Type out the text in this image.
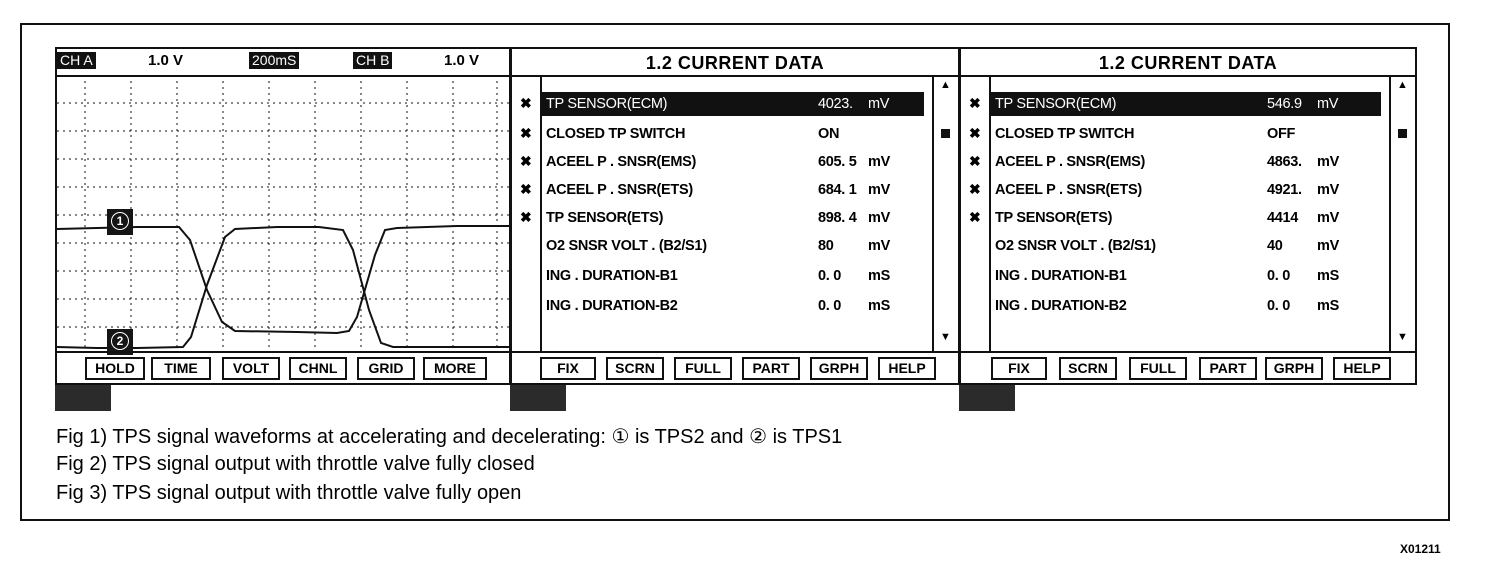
CH A	1.0 V	200mS	CH B	1.0 V
1
2
HOLD	TIME	VOLT	CHNL	GRID	MORE
1.2 CURRENT DATA
✖ TP SENSOR(ECM)	4023. mV
✖ CLOSED TP SWITCH	ON
✖ ACEEL P . SNSR(EMS)	605. 5 mV
✖ ACEEL P . SNSR(ETS)	684. 1 mV
✖ TP SENSOR(ETS)	898. 4 mV
O2 SNSR VOLT . (B2/S1)	80 mV
ING . DURATION-B1	0. 0 mS
ING . DURATION-B2	0. 0 mS
▲
▼
FIX	SCRN	FULL	PART	GRPH	HELP
1.2 CURRENT DATA
✖ TP SENSOR(ECM)	546.9 mV
✖ CLOSED TP SWITCH	OFF
✖ ACEEL P . SNSR(EMS)	4863. mV
✖ ACEEL P . SNSR(ETS)	4921. mV
✖ TP SENSOR(ETS)	4414 mV
O2 SNSR VOLT . (B2/S1)	40 mV
ING . DURATION-B1	0. 0 mS
ING . DURATION-B2	0. 0 mS
▲
▼
FIX	SCRN	FULL	PART	GRPH	HELP
Fig 1) TPS signal waveforms at accelerating and decelerating: ① is TPS2 and ② is TPS1
Fig 2) TPS signal output with throttle valve fully closed
Fig 3) TPS signal output with throttle valve fully open
X01211
